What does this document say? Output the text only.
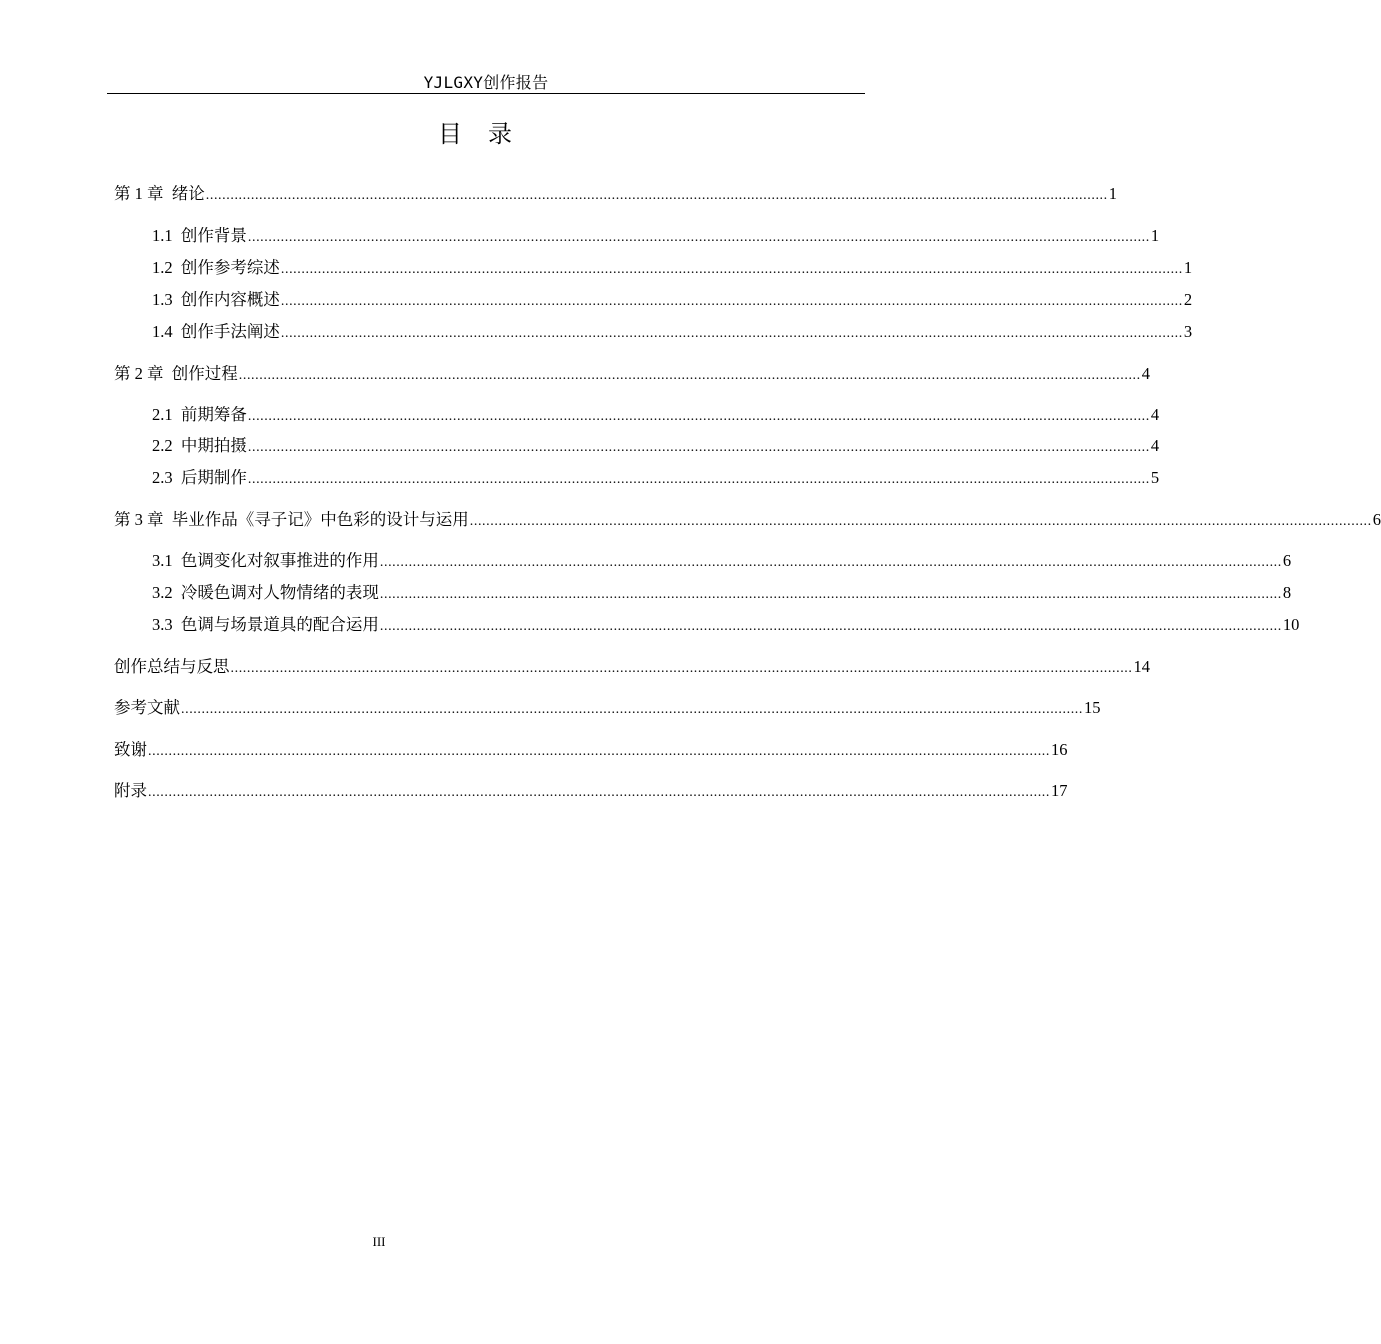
YJLGXY创作报告
目录
第 1 章 绪论 ............................................................................................................................................................................................................................ 1
1.1 创作背景 ............................................................................................................................................................................................................................ 1
1.2 创作参考综述 ............................................................................................................................................................................................................................ 1
1.3 创作内容概述 ............................................................................................................................................................................................................................ 2
1.4 创作手法阐述 ............................................................................................................................................................................................................................ 3
第 2 章 创作过程 ............................................................................................................................................................................................................................ 4
2.1 前期筹备 ............................................................................................................................................................................................................................ 4
2.2 中期拍摄 ............................................................................................................................................................................................................................ 4
2.3 后期制作 ............................................................................................................................................................................................................................ 5
第 3 章 毕业作品《寻子记》中色彩的设计与运用 ............................................................................................................................................................................................................................ 6
3.1 色调变化对叙事推进的作用 ............................................................................................................................................................................................................................ 6
3.2 冷暖色调对人物情绪的表现 ............................................................................................................................................................................................................................ 8
3.3 色调与场景道具的配合运用 ............................................................................................................................................................................................................................ 10
创作总结与反思 ............................................................................................................................................................................................................................ 14
参考文献 ............................................................................................................................................................................................................................ 15
致谢 ............................................................................................................................................................................................................................ 16
附录 ............................................................................................................................................................................................................................ 17
III
